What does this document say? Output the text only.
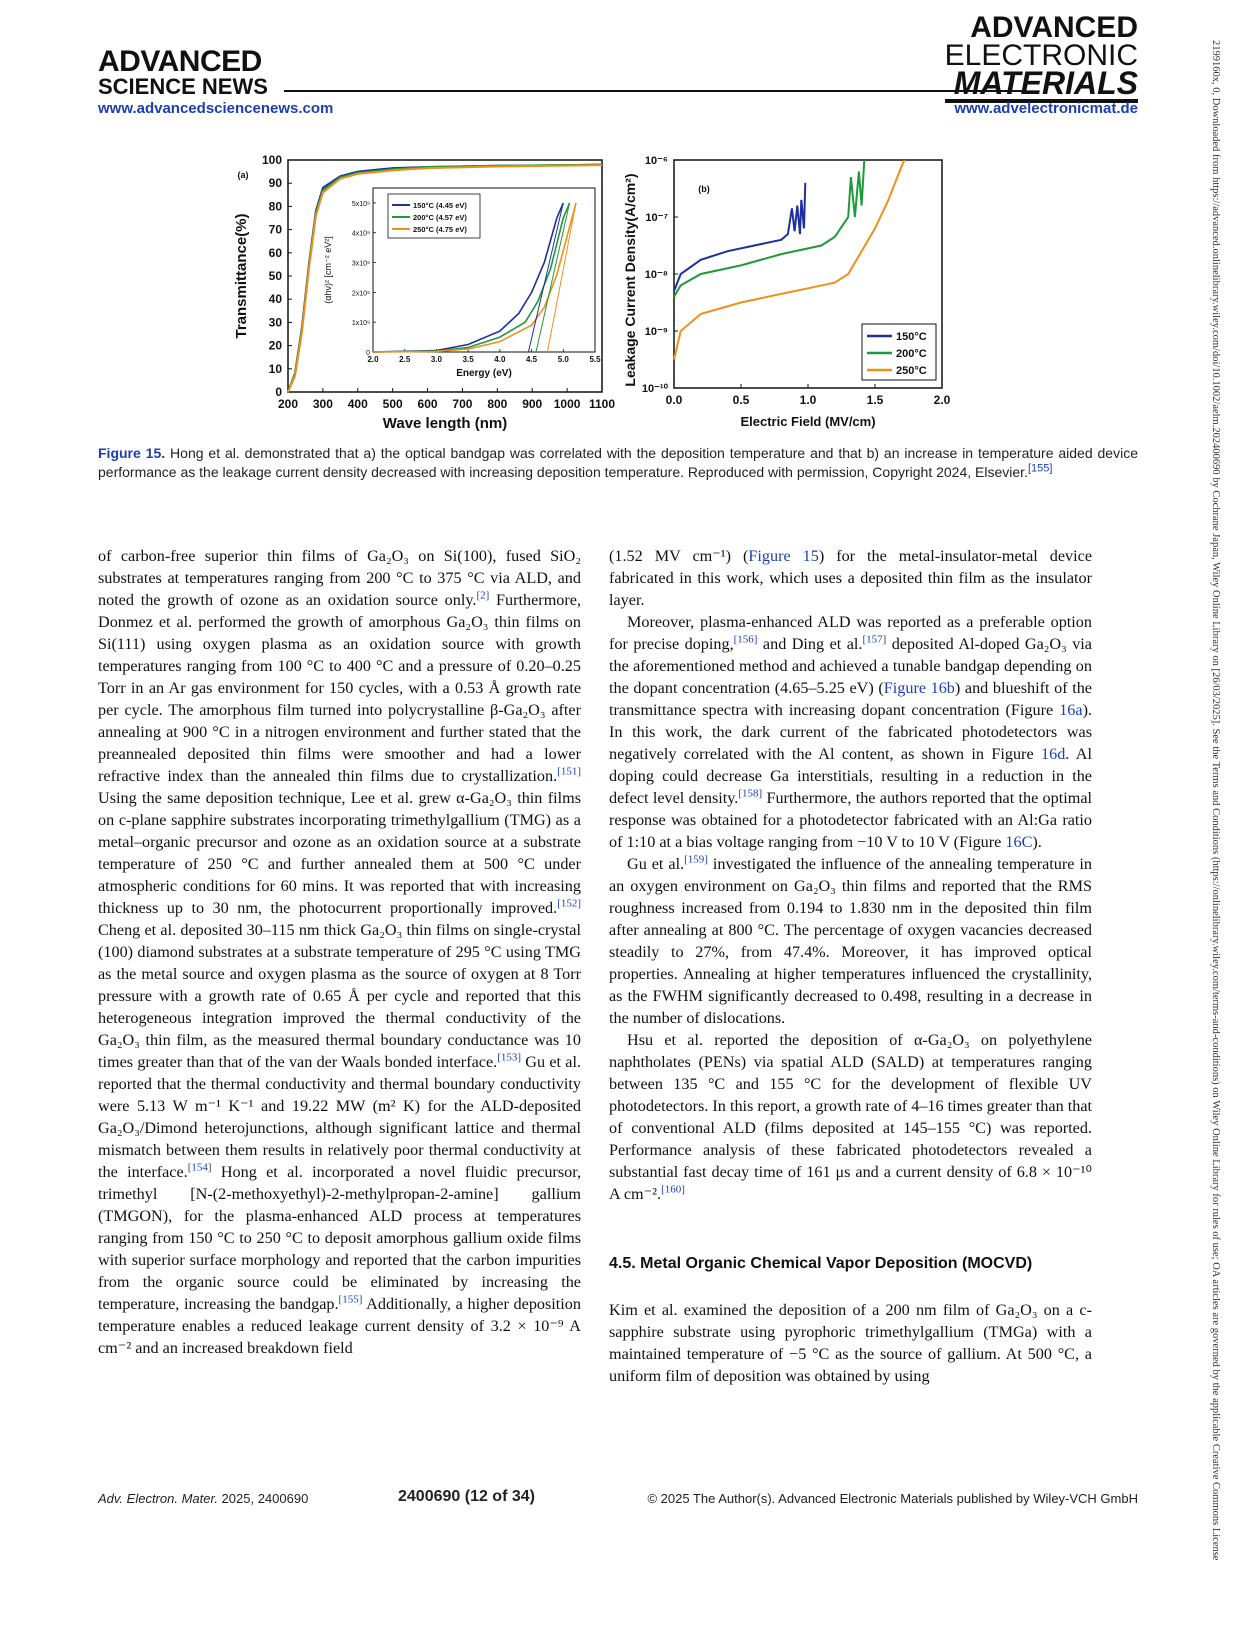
ADVANCED
SCIENCE NEWS
ADVANCED
ELECTRONIC
MATERIALS
www.advancedsciencenews.com	www.advelectronicmat.de	2199160x, 0, Downloaded from https://advanced.onlinelibrary.wiley.com/doi/10.1002/aelm.202400690 by Cochrane Japan, Wiley Online Library on [26/03/2025]. See the Terms and Conditions (https://onlinelibrary.wiley.com/terms-and-conditions) on Wiley Online Library for rules of use; OA articles are governed by the applicable Creative Commons License
200 300 400 500 600 700 800 900 1000 1100
0
10
20
30
40
50
60
70
80
90
100
Wave length (nm)
Transmittance(%)
(a)
2.0	2.5	3.0	3.5	4.0	4.5	5.0	5.5
0
1x10⁹
2x10⁹
3x10⁹
4x10⁹
5x10⁹
Energy (eV)
(αhν)² [cm⁻² eV²]
150°C (4.45 eV)
200°C (4.57 eV)
250°C (4.75 eV)
0.0	0.5	1.0	1.5	2.0
10⁻¹⁰
10⁻⁹
10⁻⁸
10⁻⁷
10⁻⁶
Electric Field (MV/cm)
Leakage Current Density(A/cm²)	(b)
150°C
200°C
250°C
Figure 15. Hong et al. demonstrated that a) the optical bandgap was correlated with the deposition temperature and that b) an increase in temperature aided device performance as the leakage current density decreased with increasing deposition temperature. Reproduced with permission, Copyright 2024, Elsevier.[155]

of carbon-free superior thin films of Ga₂O₃ on Si(100), fused SiO₂ substrates at temperatures ranging from 200 °C to 375 °C via ALD, and noted the growth of ozone as an oxidation source only.[2] Furthermore, Donmez et al. performed the growth of amorphous Ga₂O₃ thin films on Si(111) using oxygen plasma as an oxidation source with growth temperatures ranging from 100 °C to 400 °C and a pressure of 0.20–0.25 Torr in an Ar gas environment for 150 cycles, with a 0.53 Å growth rate per cycle. The amorphous film turned into polycrystalline β-Ga₂O₃ after annealing at 900 °C in a nitrogen environment and further stated that the preannealed deposited thin films were smoother and had a lower refractive index than the annealed thin films due to crystallization.[151] Using the same deposition technique, Lee et al. grew α-Ga₂O₃ thin films on c-plane sapphire substrates incorporating trimethylgallium (TMG) as a metal–organic precursor and ozone as an oxidation source at a substrate temperature of 250 °C and further annealed them at 500 °C under atmospheric conditions for 60 mins. It was reported that with increasing thickness up to 30 nm, the photocurrent proportionally improved.[152] Cheng et al. deposited 30–115 nm thick Ga₂O₃ thin films on single-crystal (100) diamond substrates at a substrate temperature of 295 °C using TMG as the metal source and oxygen plasma as the source of oxygen at 8 Torr pressure with a growth rate of 0.65 Å per cycle and reported that this heterogeneous integration improved the thermal conductivity of the Ga₂O₃ thin film, as the measured thermal boundary conductance was 10 times greater than that of the van der Waals bonded interface.[153] Gu et al. reported that the thermal conductivity and thermal boundary conductivity were 5.13 W m⁻¹ K⁻¹ and 19.22 MW (m² K) for the ALD-deposited Ga₂O₃/Dimond heterojunctions, although significant lattice and thermal mismatch between them results in relatively poor thermal conductivity at the interface.[154] Hong et al. incorporated a novel fluidic precursor, trimethyl [N-(2-methoxyethyl)-2-methylpropan-2-amine] gallium (TMGON), for the plasma-enhanced ALD process at temperatures ranging from 150 °C to 250 °C to deposit amorphous gallium oxide films with superior surface morphology and reported that the carbon impurities from the organic source could be eliminated by increasing the temperature, increasing the bandgap.[155] Additionally, a higher deposition temperature enables a reduced leakage current density of 3.2 × 10⁻⁹ A cm⁻² and an increased breakdown field

(1.52 MV cm⁻¹) (Figure 15) for the metal-insulator-metal device fabricated in this work, which uses a deposited thin film as the insulator layer.

Moreover, plasma-enhanced ALD was reported as a preferable option for precise doping,[156] and Ding et al.[157] deposited Al-doped Ga₂O₃ via the aforementioned method and achieved a tunable bandgap depending on the dopant concentration (4.65–5.25 eV) (Figure 16b) and blueshift of the transmittance spectra with increasing dopant concentration (Figure 16a). In this work, the dark current of the fabricated photodetectors was negatively correlated with the Al content, as shown in Figure 16d. Al doping could decrease Ga interstitials, resulting in a reduction in the defect level density.[158] Furthermore, the authors reported that the optimal response was obtained for a photodetector fabricated with an Al:Ga ratio of 1:10 at a bias voltage ranging from −10 V to 10 V (Figure 16C).

Gu et al.[159] investigated the influence of the annealing temperature in an oxygen environment on Ga₂O₃ thin films and reported that the RMS roughness increased from 0.194 to 1.830 nm in the deposited thin film after annealing at 800 °C. The percentage of oxygen vacancies decreased steadily to 27%, from 47.4%. Moreover, it has improved optical properties. Annealing at higher temperatures influenced the crystallinity, as the FWHM significantly decreased to 0.498, resulting in a decrease in the number of dislocations.

Hsu et al. reported the deposition of α-Ga₂O₃ on polyethylene naphtholates (PENs) via spatial ALD (SALD) at temperatures ranging between 135 °C and 155 °C for the development of flexible UV photodetectors. In this report, a growth rate of 4–16 times greater than that of conventional ALD (films deposited at 145–155 °C) was reported. Performance analysis of these fabricated photodetectors revealed a substantial fast decay time of 161 μs and a current density of 6.8 × 10⁻¹⁰ A cm⁻².[160]

4.5. Metal Organic Chemical Vapor Deposition (MOCVD)

Kim et al. examined the deposition of a 200 nm film of Ga₂O₃ on a c-sapphire substrate using pyrophoric trimethylgallium (TMGa) with a maintained temperature of −5 °C as the source of gallium. At 500 °C, a uniform film of deposition was obtained by using

Adv. Electron. Mater. 2025, 2400690	2400690 (12 of 34)	© 2025 The Author(s). Advanced Electronic Materials published by Wiley-VCH GmbH
